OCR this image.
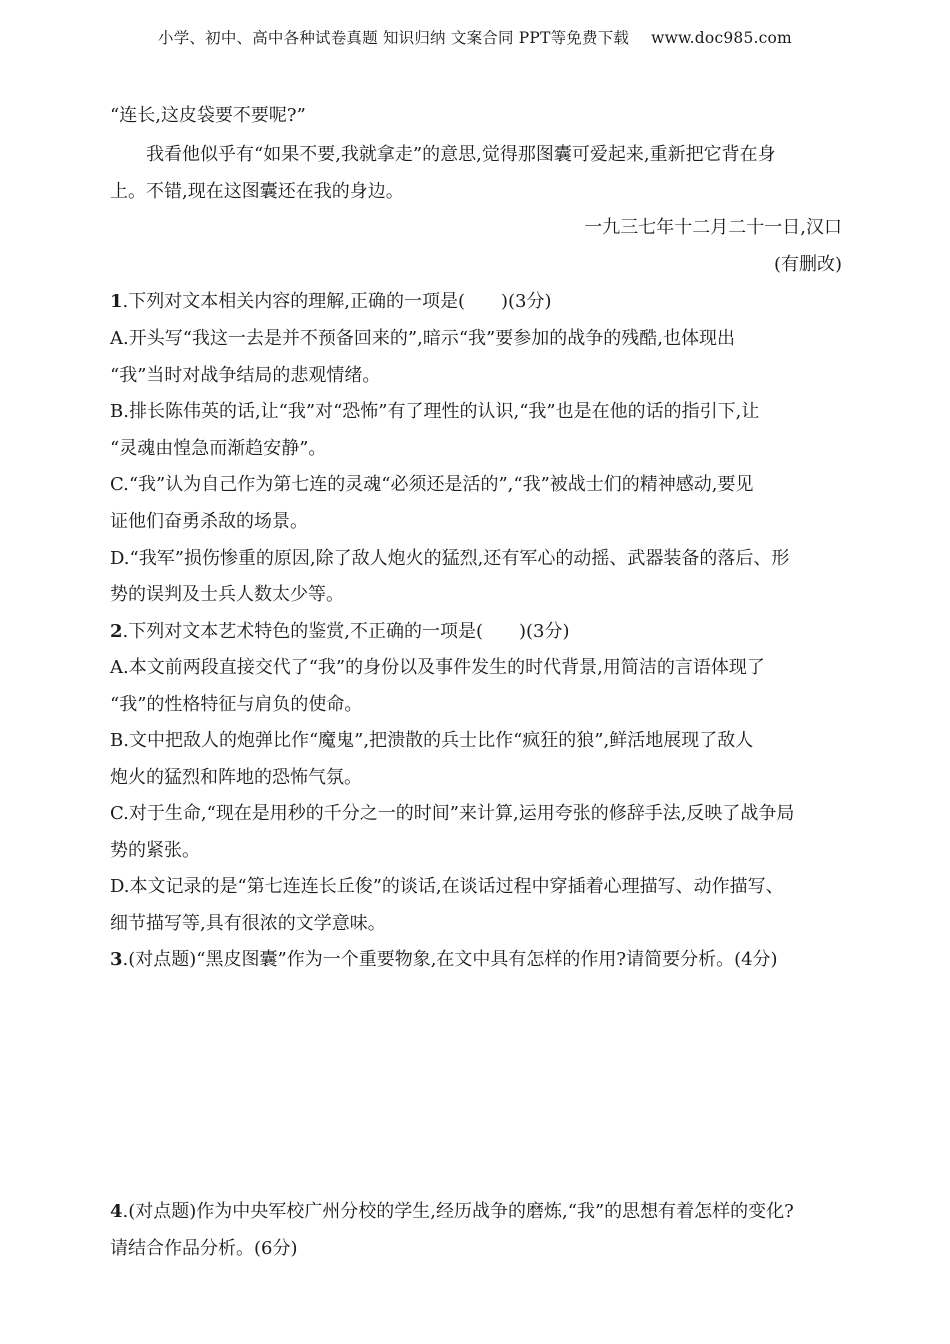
小学、初中、高中各种试卷真题 知识归纳 文案合同 PPT等免费下载 www.doc985.com
“连长,这皮袋要不要呢?”
我看他似乎有“如果不要,我就拿走”的意思,觉得那图囊可爱起来,重新把它背在身
上。不错,现在这图囊还在我的身边。
一九三七年十二月二十一日,汉口
(有删改)
1.下列对文本相关内容的理解,正确的一项是(　　)(3分)
A.开头写“我这一去是并不预备回来的”,暗示“我”要参加的战争的残酷,也体现出
“我”当时对战争结局的悲观情绪。
B.排长陈伟英的话,让“我”对“恐怖”有了理性的认识,“我”也是在他的话的指引下,让
“灵魂由惶急而渐趋安静”。
C.“我”认为自己作为第七连的灵魂“必须还是活的”,“我”被战士们的精神感动,要见
证他们奋勇杀敌的场景。
D.“我军”损伤惨重的原因,除了敌人炮火的猛烈,还有军心的动摇、武器装备的落后、形
势的误判及士兵人数太少等。
2.下列对文本艺术特色的鉴赏,不正确的一项是(　　)(3分)
A.本文前两段直接交代了“我”的身份以及事件发生的时代背景,用简洁的言语体现了
“我”的性格特征与肩负的使命。
B.文中把敌人的炮弹比作“魔鬼”,把溃散的兵士比作“疯狂的狼”,鲜活地展现了敌人
炮火的猛烈和阵地的恐怖气氛。
C.对于生命,“现在是用秒的千分之一的时间”来计算,运用夸张的修辞手法,反映了战争局
势的紧张。
D.本文记录的是“第七连连长丘俊”的谈话,在谈话过程中穿插着心理描写、动作描写、
细节描写等,具有很浓的文学意味。
3.(对点题)“黑皮图囊”作为一个重要物象,在文中具有怎样的作用?请简要分析。(4分)
4.(对点题)作为中央军校广州分校的学生,经历战争的磨炼,“我”的思想有着怎样的变化?
请结合作品分析。(6分)
